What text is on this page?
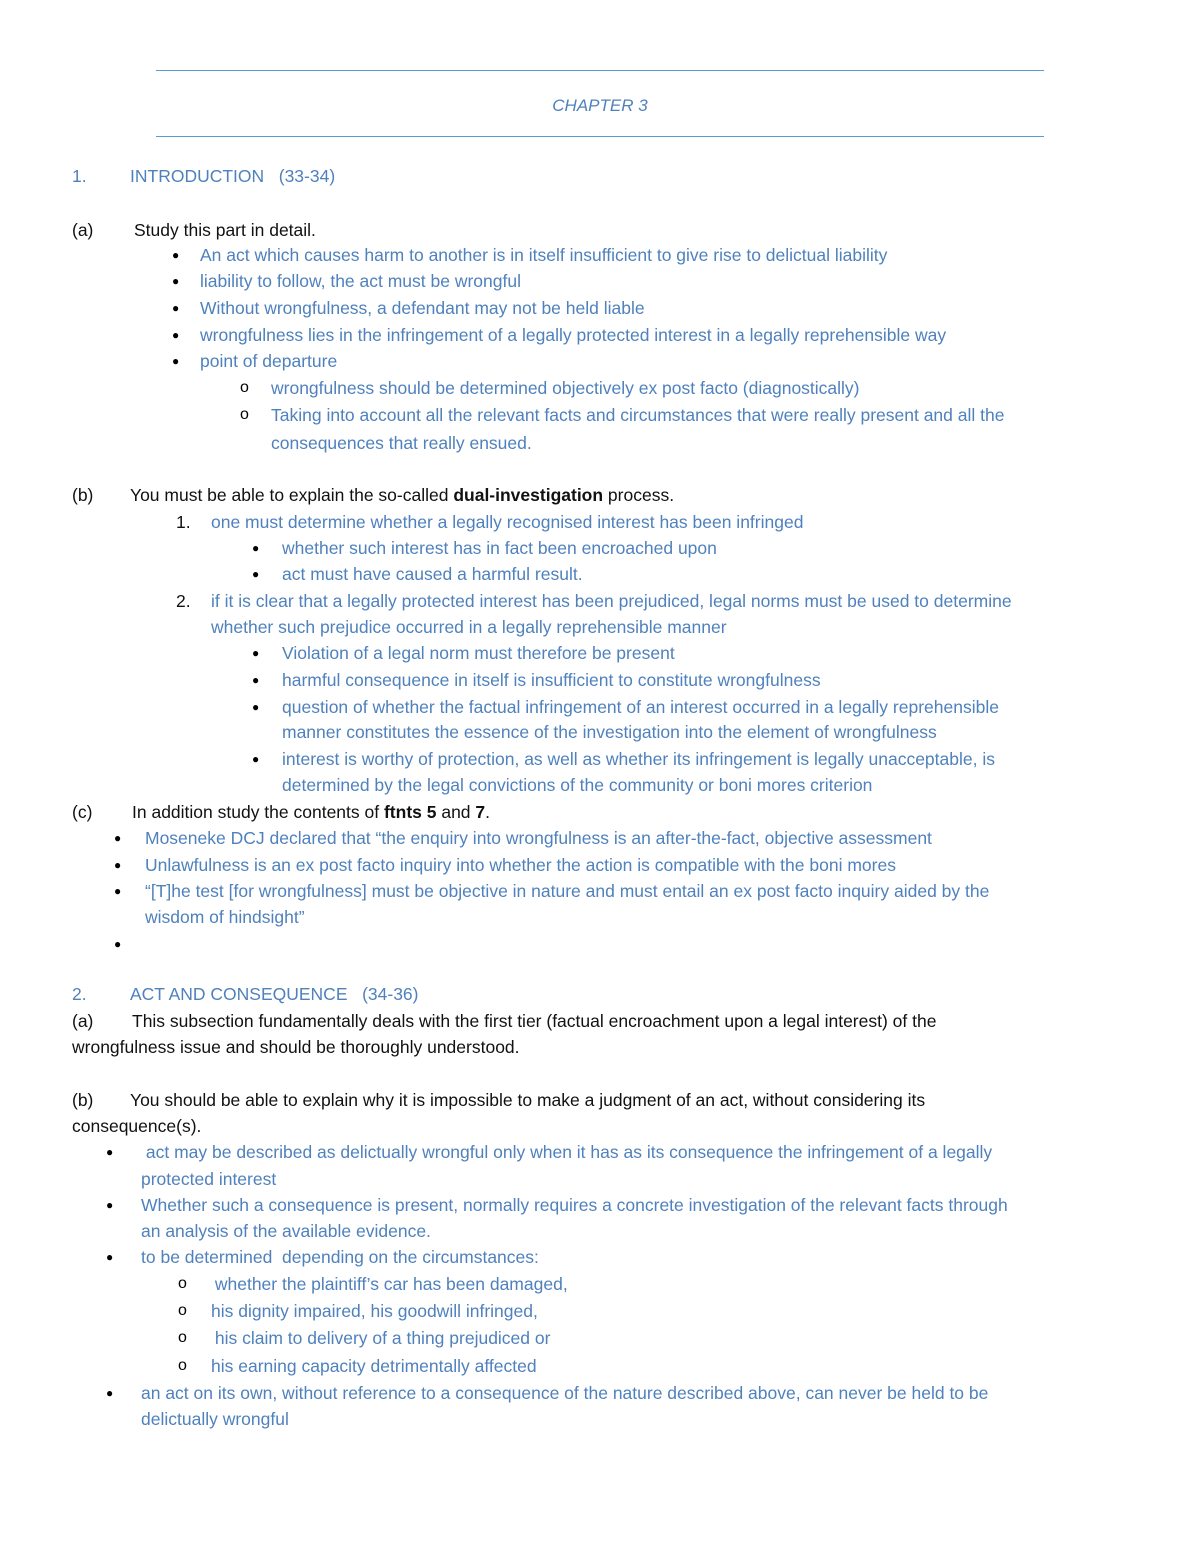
CHAPTER 3
1. INTRODUCTION   (33-34)
(a) Study this part in detail.
● An act which causes harm to another is in itself insufficient to give rise to delictual liability
● liability to follow, the act must be wrongful
● Without wrongfulness, a defendant may not be held liable
● wrongfulness lies in the infringement of a legally protected interest in a legally reprehensible way
● point of departure
o wrongfulness should be determined objectively ex post facto (diagnostically)
o Taking into account all the relevant facts and circumstances that were really present and all the
consequences that really ensued.
(b) You must be able to explain the so-called dual-investigation process.
1. one must determine whether a legally recognised interest has been infringed
● whether such interest has in fact been encroached upon
● act must have caused a harmful result.
2. if it is clear that a legally protected interest has been prejudiced, legal norms must be used to determine
whether such prejudice occurred in a legally reprehensible manner
● Violation of a legal norm must therefore be present
● harmful consequence in itself is insufficient to constitute wrongfulness
● question of whether the factual infringement of an interest occurred in a legally reprehensible
manner constitutes the essence of the investigation into the element of wrongfulness
● interest is worthy of protection, as well as whether its infringement is legally unacceptable, is
determined by the legal convictions of the community or boni mores criterion
(c) In addition study the contents of ftnts 5 and 7.
● Moseneke DCJ declared that “the enquiry into wrongfulness is an after-the-fact, objective assessment
● Unlawfulness is an ex post facto inquiry into whether the action is compatible with the boni mores
● “[T]he test [for wrongfulness] must be objective in nature and must entail an ex post facto inquiry aided by the
wisdom of hindsight”
●
2. ACT AND CONSEQUENCE   (34-36)
(a) This subsection fundamentally deals with the first tier (factual encroachment upon a legal interest) of the
wrongfulness issue and should be thoroughly understood.
(b) You should be able to explain why it is impossible to make a judgment of an act, without considering its
consequence(s).
● act may be described as delictually wrongful only when it has as its consequence the infringement of a legally
protected interest
● Whether such a consequence is present, normally requires a concrete investigation of the relevant facts through
an analysis of the available evidence.
● to be determined  depending on the circumstances:
o whether the plaintiff’s car has been damaged,
o his dignity impaired, his goodwill infringed,
o his claim to delivery of a thing prejudiced or
o his earning capacity detrimentally affected
● an act on its own, without reference to a consequence of the nature described above, can never be held to be
delictually wrongful
